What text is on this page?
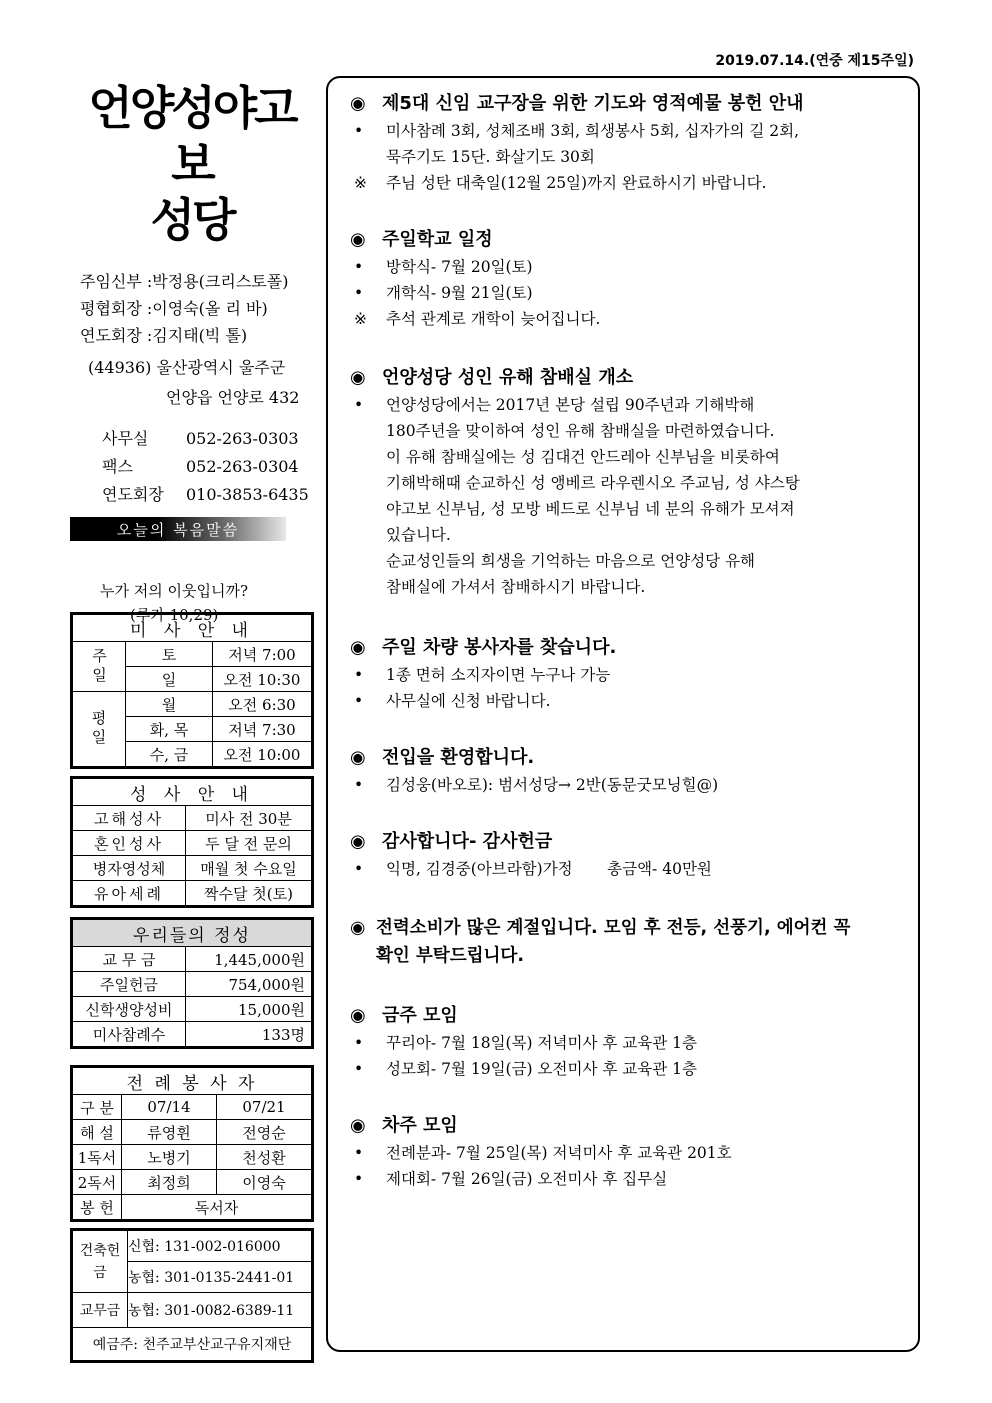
2019.07.14.(연중 제15주일)
언양성야고보
성당
주임신부 :박정용(크리스토폴)
평협회장 :이영숙(올 리 바)
연도회장 :김지태(빅 톨)
(44936) 울산광역시 울주군
언양읍 언양로 432
사무실	052-263-0303
팩스	052-263-0304
연도회장	010-3853-6435
오늘의 복음말씀
누가 저의 이웃입니까?
(루카 10,29)
미 사 안 내		
주일	토	저녁 7:00
	일	오전 10:30
평일	월	오전 6:30
	화, 목	저녁 7:30
	수, 금	오전 10:00
성 사 안 내	
고해성사	미사 전 30분
혼인성사	두 달 전 문의
병자영성체	매월 첫 수요일
유아세례	짝수달 첫(토)
우리들의 정성	
교 무 금	1,445,000원
주일헌금	754,000원
신학생양성비	15,000원
미사참례수	133명
전 례 봉 사 자		
구 분	07/14	07/21
해 설	류영휜	전영순
1독서	노병기	천성환
2독서	최정희	이영숙
봉 헌	독서자	
건축헌금	신협: 131-002-016000
	농협: 301-0135-2441-01
교무금	농협: 301-0082-6389-11
예금주: 천주교부산교구유지재단	
◉ 제5대 신임 교구장을 위한 기도와 영적예물 봉헌 안내
•	미사참례 3회, 성체조배 3회, 희생봉사 5회, 십자가의 길 2회,
묵주기도 15단. 화살기도 30회
※	주님 성탄 대축일(12월 25일)까지 완료하시기 바랍니다.
◉ 주일학교 일정
•	방학식- 7월 20일(토)
•	개학식- 9월 21일(토)
※	추석 관계로 개학이 늦어집니다.
◉ 언양성당 성인 유해 참배실 개소
•	언양성당에서는 2017년 본당 설립 90주년과 기해박해
180주년을 맞이하여 성인 유해 참배실을 마련하였습니다.
이 유해 참배실에는 성 김대건 안드레아 신부님을 비롯하여
기해박해때 순교하신 성 앵베르 라우렌시오 주교님, 성 샤스탕
야고보 신부님, 성 모방 베드로 신부님 네 분의 유해가 모셔져
있습니다.
순교성인들의 희생을 기억하는 마음으로 언양성당 유해
참배실에 가셔서 참배하시기 바랍니다.
◉ 주일 차량 봉사자를 찾습니다.
•	1종 면허 소지자이면 누구나 가능
•	사무실에 신청 바랍니다.
◉ 전입을 환영합니다.
•	김성웅(바오로): 범서성당→ 2반(동문굿모닝힐@)
◉ 감사합니다- 감사헌금
•	익명, 김경중(아브라함)가정       총금액- 40만원
◉ 전력소비가 많은 계절입니다. 모임 후 전등, 선풍기, 에어컨 꼭
확인 부탁드립니다.
◉ 금주 모임
•	꾸리아- 7월 18일(목) 저녁미사 후 교육관 1층
•	성모회- 7월 19일(금) 오전미사 후 교육관 1층
◉ 차주 모임
•	전례분과- 7월 25일(목) 저녁미사 후 교육관 201호
•	제대회- 7월 26일(금) 오전미사 후 집무실
